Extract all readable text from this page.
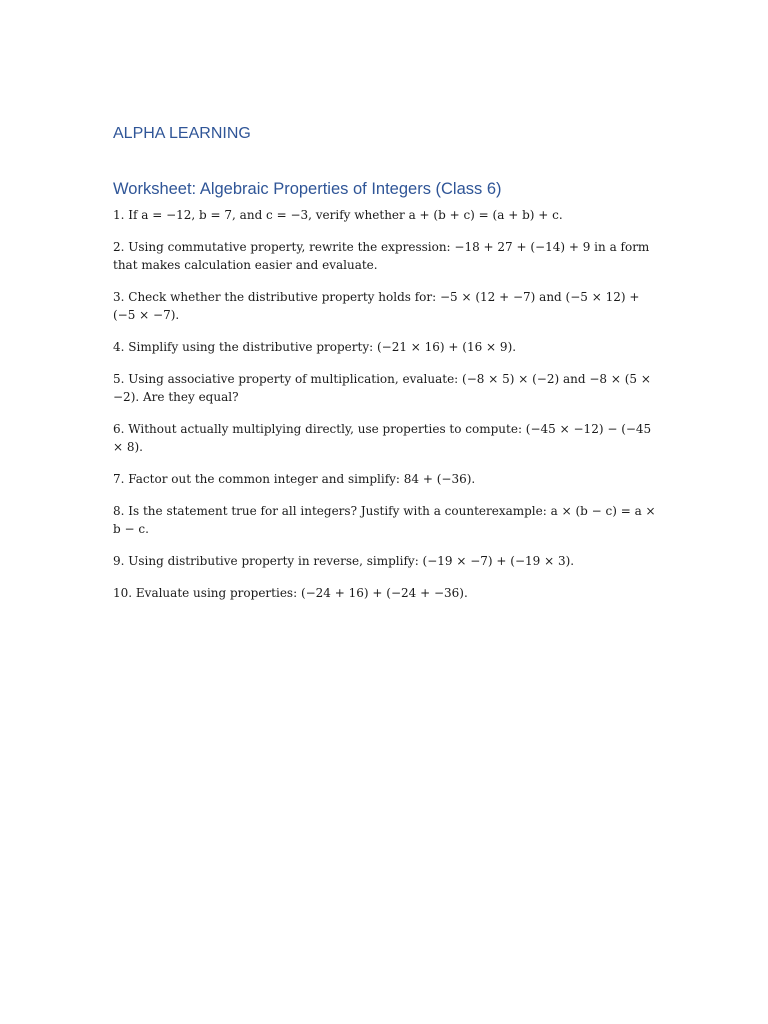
ALPHA LEARNING
Worksheet: Algebraic Properties of Integers (Class 6)
1. If a = −12, b = 7, and c = −3, verify whether a + (b + c) = (a + b) + c.
2. Using commutative property, rewrite the expression: −18 + 27 + (−14) + 9 in a form that makes calculation easier and evaluate.
3. Check whether the distributive property holds for: −5 × (12 + −7) and (−5 × 12) + (−5 × −7).
4. Simplify using the distributive property: (−21 × 16) + (16 × 9).
5. Using associative property of multiplication, evaluate: (−8 × 5) × (−2) and −8 × (5 × −2). Are they equal?
6. Without actually multiplying directly, use properties to compute: (−45 × −12) − (−45 × 8).
7. Factor out the common integer and simplify: 84 + (−36).
8. Is the statement true for all integers? Justify with a counterexample: a × (b − c) = a × b − c.
9. Using distributive property in reverse, simplify: (−19 × −7) + (−19 × 3).
10. Evaluate using properties: (−24 + 16) + (−24 + −36).
